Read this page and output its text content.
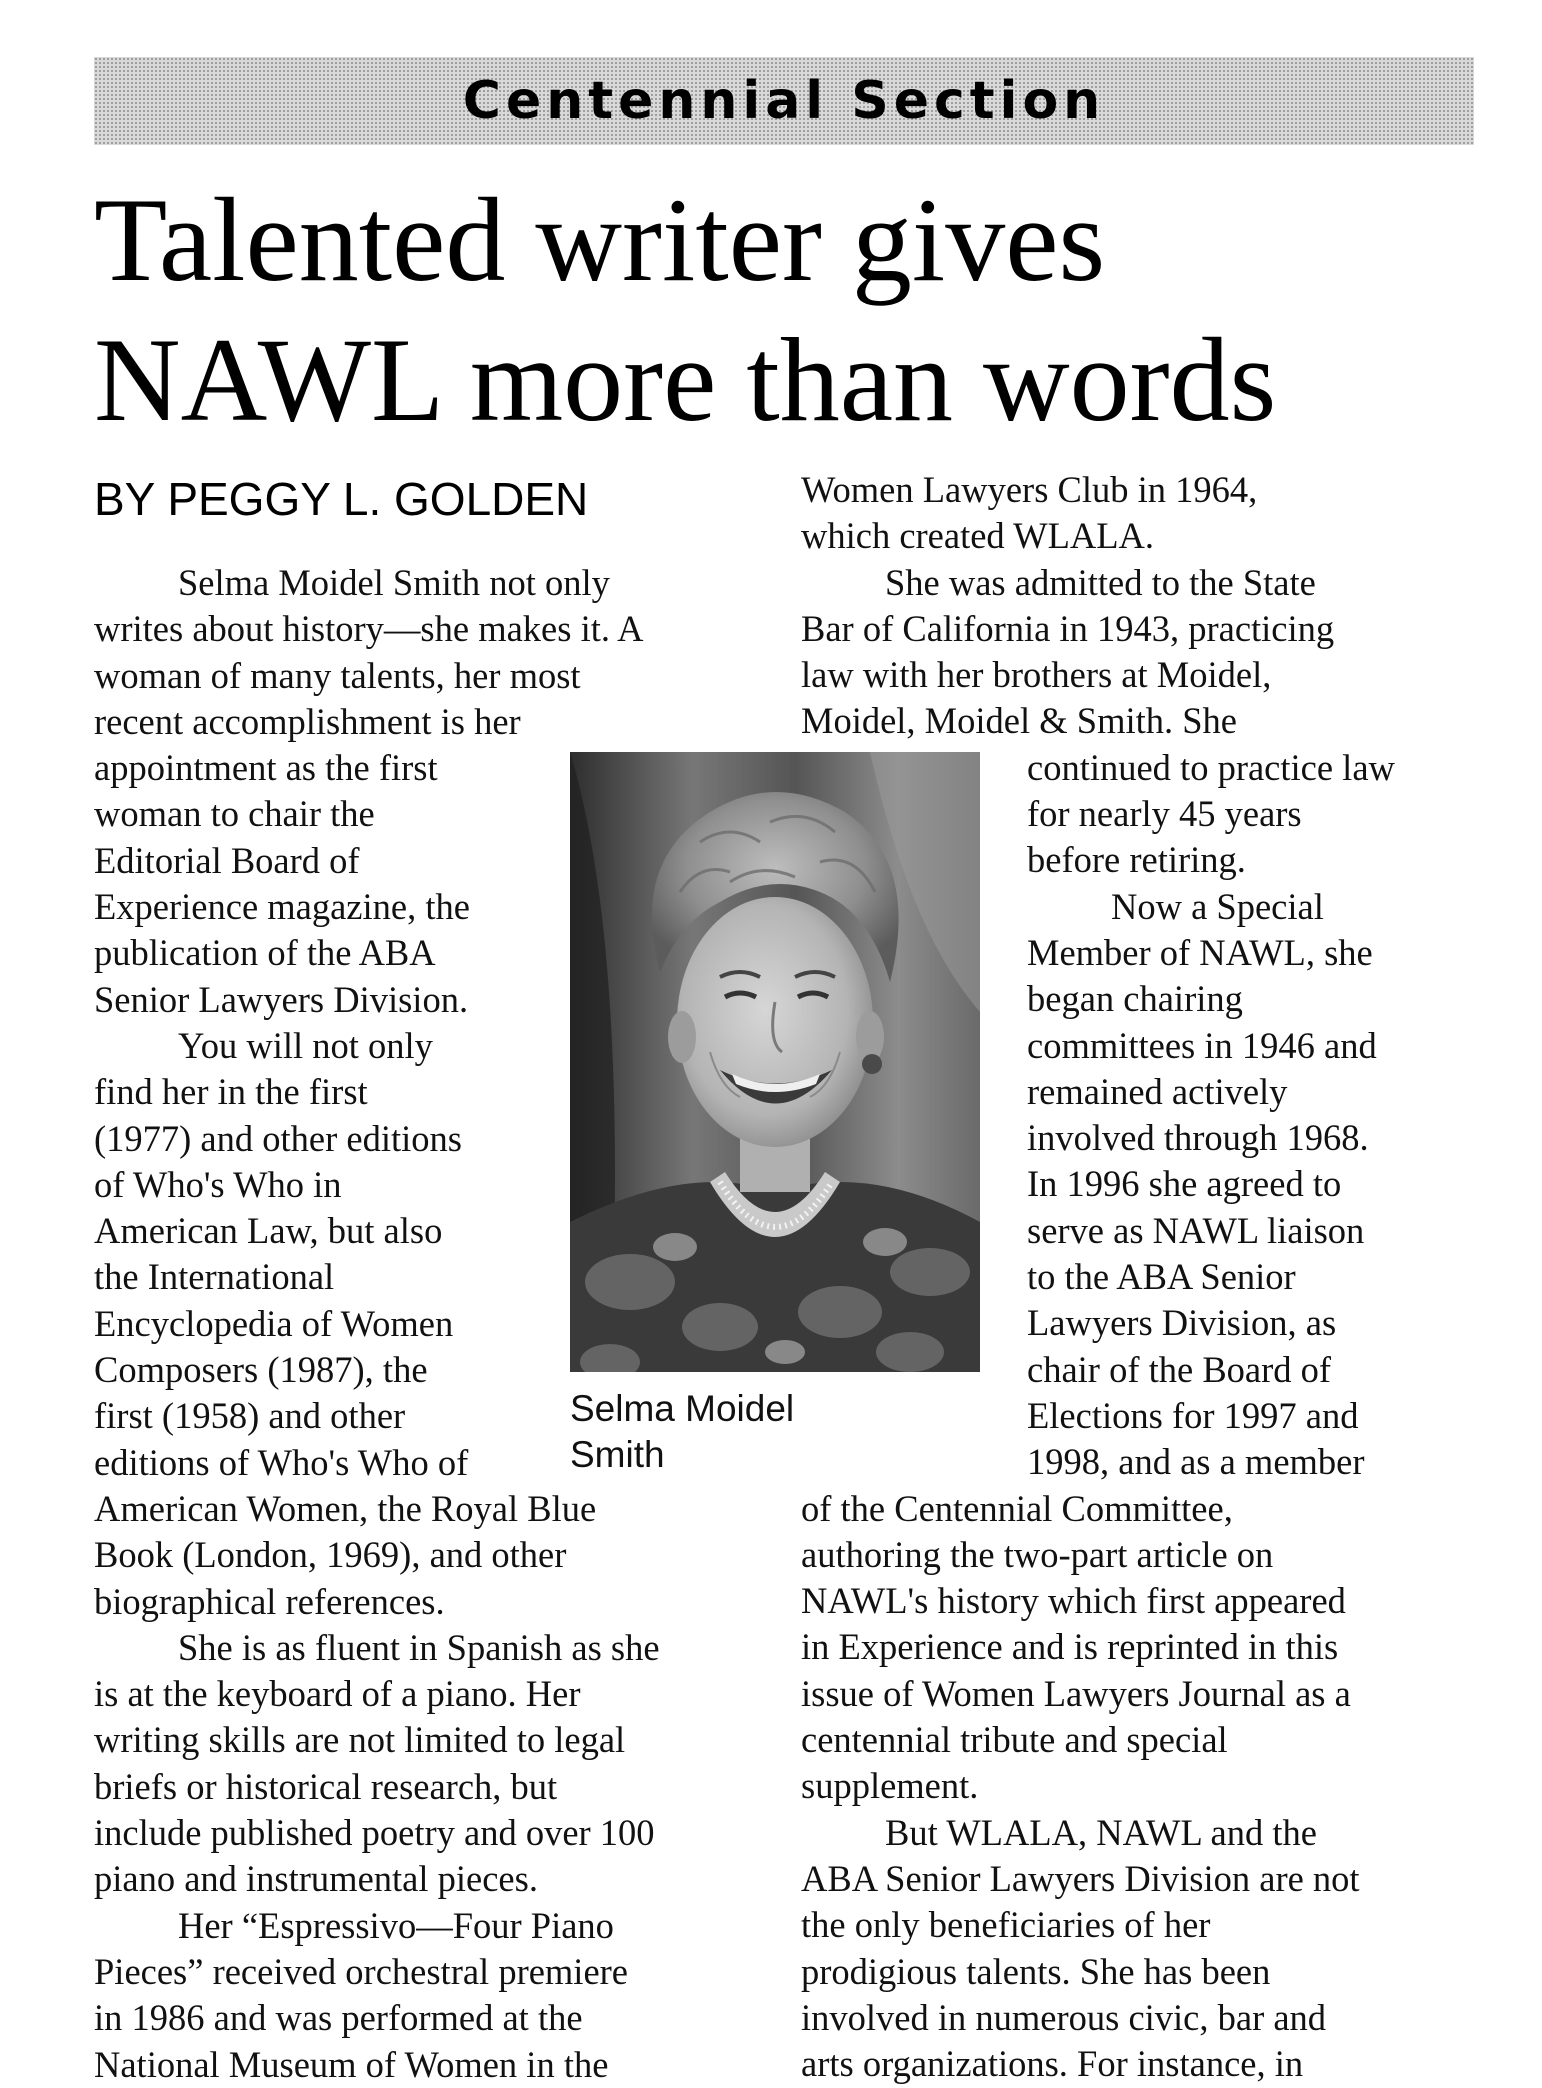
Centennial Section
Talented writer gives
NAWL more than words
BY PEGGY L. GOLDEN
Selma Moidel Smith not only
writes about history—she makes it. A
woman of many talents, her most
recent accomplishment is her
appointment as the first
woman to chair the
Editorial Board of
Experience magazine, the
publication of the ABA
Senior Lawyers Division.
You will not only
find her in the first
(1977) and other editions
of Who's Who in
American Law, but also
the International
Encyclopedia of Women
Composers (1987), the
first (1958) and other
editions of Who's Who of
American Women, the Royal Blue
Book (London, 1969), and other
biographical references.
She is as fluent in Spanish as she
is at the keyboard of a piano. Her
writing skills are not limited to legal
briefs or historical research, but
include published poetry and over 100
piano and instrumental pieces.
Her “Espressivo—Four Piano
Pieces” received orchestral premiere
in 1986 and was performed at the
National Museum of Women in the
Selma Moidel
Smith
Women Lawyers Club in 1964,
which created WLALA.
She was admitted to the State
Bar of California in 1943, practicing
law with her brothers at Moidel,
Moidel, Moidel & Smith. She
continued to practice law
for nearly 45 years
before retiring.
Now a Special
Member of NAWL, she
began chairing
committees in 1946 and
remained actively
involved through 1968.
In 1996 she agreed to
serve as NAWL liaison
to the ABA Senior
Lawyers Division, as
chair of the Board of
Elections for 1997 and
1998, and as a member
of the Centennial Committee,
authoring the two-part article on
NAWL's history which first appeared
in Experience and is reprinted in this
issue of Women Lawyers Journal as a
centennial tribute and special
supplement.
But WLALA, NAWL and the
ABA Senior Lawyers Division are not
the only beneficiaries of her
prodigious talents. She has been
involved in numerous civic, bar and
arts organizations. For instance, in
